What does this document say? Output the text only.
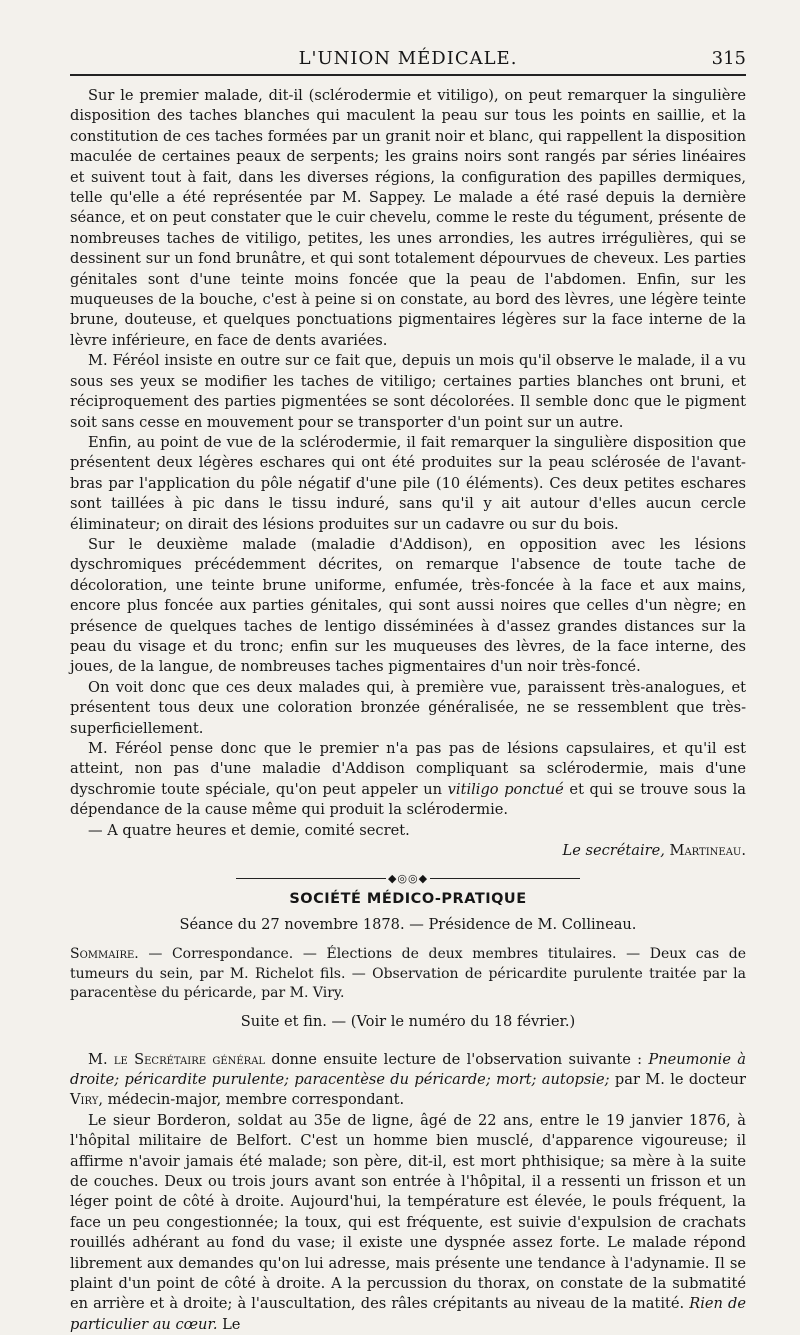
L'UNION MÉDICALE.	315

Sur le premier malade, dit-il (sclérodermie et vitiligo), on peut remarquer la singulière disposition des taches blanches qui maculent la peau sur tous les points en saillie, et la constitution de ces taches formées par un granit noir et blanc, qui rappellent la disposition maculée de certaines peaux de serpents; les grains noirs sont rangés par séries linéaires et suivent tout à fait, dans les diverses régions, la configuration des papilles dermiques, telle qu'elle a été représentée par M. Sappey. Le malade a été rasé depuis la dernière séance, et on peut constater que le cuir chevelu, comme le reste du tégument, présente de nombreuses taches de vitiligo, petites, les unes arrondies, les autres irrégulières, qui se dessinent sur un fond brunâtre, et qui sont totalement dépourvues de cheveux. Les parties génitales sont d'une teinte moins foncée que la peau de l'abdomen. Enfin, sur les muqueuses de la bouche, c'est à peine si on constate, au bord des lèvres, une légère teinte brune, douteuse, et quelques ponctuations pigmentaires légères sur la face interne de la lèvre inférieure, en face de dents avariées.

M. Féréol insiste en outre sur ce fait que, depuis un mois qu'il observe le malade, il a vu sous ses yeux se modifier les taches de vitiligo; certaines parties blanches ont bruni, et réciproquement des parties pigmentées se sont décolorées. Il semble donc que le pigment soit sans cesse en mouvement pour se transporter d'un point sur un autre.

Enfin, au point de vue de la sclérodermie, il fait remarquer la singulière disposition que présentent deux légères eschares qui ont été produites sur la peau sclérosée de l'avant-bras par l'application du pôle négatif d'une pile (10 éléments). Ces deux petites eschares sont taillées à pic dans le tissu induré, sans qu'il y ait autour d'elles aucun cercle éliminateur; on dirait des lésions produites sur un cadavre ou sur du bois.

Sur le deuxième malade (maladie d'Addison), en opposition avec les lésions dyschromiques précédemment décrites, on remarque l'absence de toute tache de décoloration, une teinte brune uniforme, enfumée, très-foncée à la face et aux mains, encore plus foncée aux parties génitales, qui sont aussi noires que celles d'un nègre; en présence de quelques taches de lentigo disséminées à d'assez grandes distances sur la peau du visage et du tronc; enfin sur les muqueuses des lèvres, de la face interne, des joues, de la langue, de nombreuses taches pigmentaires d'un noir très-foncé.

On voit donc que ces deux malades qui, à première vue, paraissent très-analogues, et présentent tous deux une coloration bronzée généralisée, ne se ressemblent que très-superficiellement.

M. Féréol pense donc que le premier n'a pas pas de lésions capsulaires, et qu'il est atteint, non pas d'une maladie d'Addison compliquant sa sclérodermie, mais d'une dyschromie toute spéciale, qu'on peut appeler un vitiligo ponctué et qui se trouve sous la dépendance de la cause même qui produit la sclérodermie.

— A quatre heures et demie, comité secret.

Le secrétaire, Martineau.
◆◎◎◆
SOCIÉTÉ MÉDICO-PRATIQUE
Séance du 27 novembre 1878. — Présidence de M. Collineau.
Sommaire. — Correspondance. — Élections de deux membres titulaires. — Deux cas de tumeurs du sein, par M. Richelot fils. — Observation de péricardite purulente traitée par la paracentèse du péricarde, par M. Viry.
Suite et fin. — (Voir le numéro du 18 février.)

M. le Secrétaire général donne ensuite lecture de l'observation suivante : Pneumonie à droite; péricardite purulente; paracentèse du péricarde; mort; autopsie; par M. le docteur Viry, médecin-major, membre correspondant.

Le sieur Borderon, soldat au 35e de ligne, âgé de 22 ans, entre le 19 janvier 1876, à l'hôpital militaire de Belfort. C'est un homme bien musclé, d'apparence vigoureuse; il affirme n'avoir jamais été malade; son père, dit-il, est mort phthisique; sa mère à la suite de couches. Deux ou trois jours avant son entrée à l'hôpital, il a ressenti un frisson et un léger point de côté à droite. Aujourd'hui, la température est élevée, le pouls fréquent, la face un peu congestionnée; la toux, qui est fréquente, est suivie d'expulsion de crachats rouillés adhérant au fond du vase; il existe une dyspnée assez forte. Le malade répond librement aux demandes qu'on lui adresse, mais présente une tendance à l'adynamie. Il se plaint d'un point de côté à droite. A la percussion du thorax, on constate de la submatité en arrière et à droite; à l'auscultation, des râles crépitants au niveau de la matité. Rien de particulier au cœur. Le
